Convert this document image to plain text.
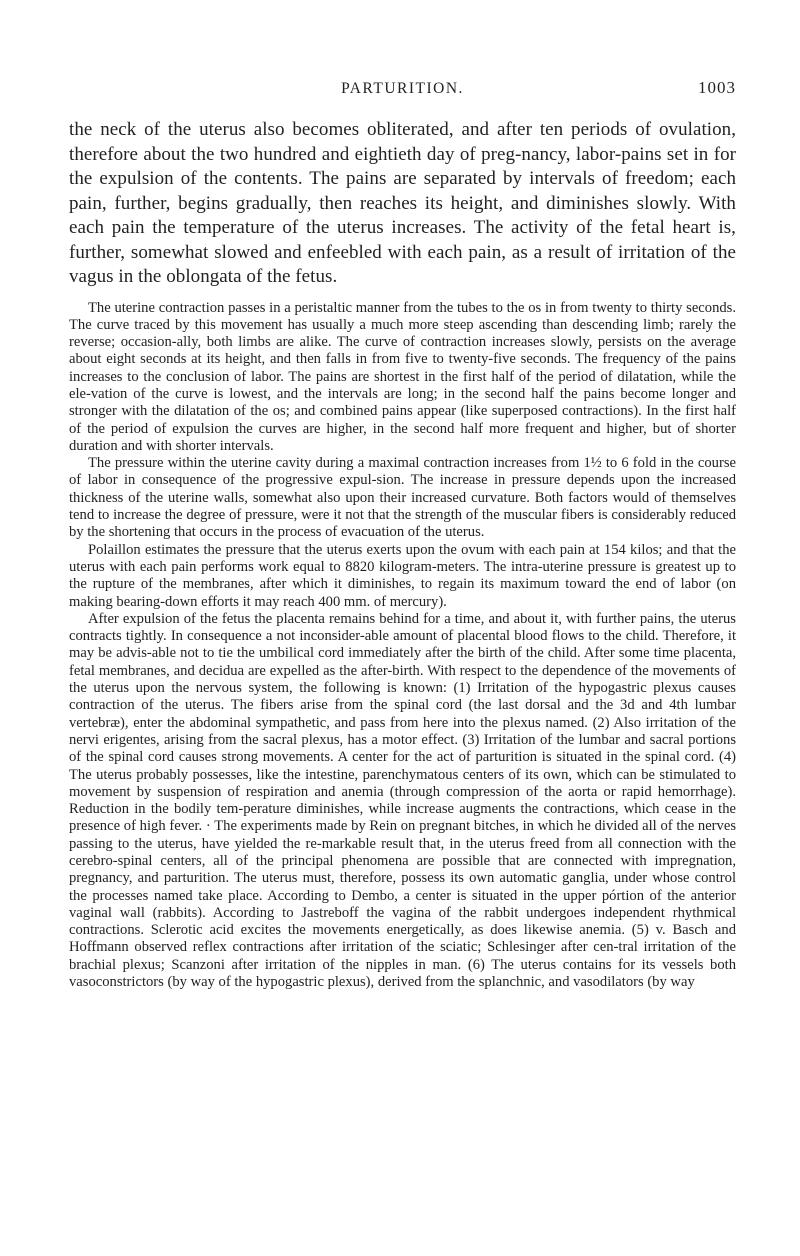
PARTURITION.	1003

the neck of the uterus also becomes obliterated, and after ten periods of ovulation, therefore about the two hundred and eightieth day of preg-nancy, labor-pains set in for the expulsion of the contents. The pains are separated by intervals of freedom; each pain, further, begins gradually, then reaches its height, and diminishes slowly. With each pain the temperature of the uterus increases. The activity of the fetal heart is, further, somewhat slowed and enfeebled with each pain, as a result of irritation of the vagus in the oblongata of the fetus.

The uterine contraction passes in a peristaltic manner from the tubes to the os in from twenty to thirty seconds. The curve traced by this movement has usually a much more steep ascending than descending limb; rarely the reverse; occasion-ally, both limbs are alike. The curve of contraction increases slowly, persists on the average about eight seconds at its height, and then falls in from five to twenty-five seconds. The frequency of the pains increases to the conclusion of labor. The pains are shortest in the first half of the period of dilatation, while the ele-vation of the curve is lowest, and the intervals are long; in the second half the pains become longer and stronger with the dilatation of the os; and combined pains appear (like superposed contractions). In the first half of the period of expulsion the curves are higher, in the second half more frequent and higher, but of shorter duration and with shorter intervals.

The pressure within the uterine cavity during a maximal contraction increases from 1½ to 6 fold in the course of labor in consequence of the progressive expul-sion. The increase in pressure depends upon the increased thickness of the uterine walls, somewhat also upon their increased curvature. Both factors would of themselves tend to increase the degree of pressure, were it not that the strength of the muscular fibers is considerably reduced by the shortening that occurs in the process of evacuation of the uterus.

Polaillon estimates the pressure that the uterus exerts upon the ovum with each pain at 154 kilos; and that the uterus with each pain performs work equal to 8820 kilogram-meters. The intra-uterine pressure is greatest up to the rupture of the membranes, after which it diminishes, to regain its maximum toward the end of labor (on making bearing-down efforts it may reach 400 mm. of mercury).

After expulsion of the fetus the placenta remains behind for a time, and about it, with further pains, the uterus contracts tightly. In consequence a not inconsider-able amount of placental blood flows to the child. Therefore, it may be advis-able not to tie the umbilical cord immediately after the birth of the child. After some time placenta, fetal membranes, and decidua are expelled as the after-birth. With respect to the dependence of the movements of the uterus upon the nervous system, the following is known: (1) Irritation of the hypogastric plexus causes contraction of the uterus. The fibers arise from the spinal cord (the last dorsal and the 3d and 4th lumbar vertebræ), enter the abdominal sympathetic, and pass from here into the plexus named. (2) Also irritation of the nervi erigentes, arising from the sacral plexus, has a motor effect. (3) Irritation of the lumbar and sacral portions of the spinal cord causes strong movements. A center for the act of parturition is situated in the spinal cord. (4) The uterus probably possesses, like the intestine, parenchymatous centers of its own, which can be stimulated to movement by suspension of respiration and anemia (through compression of the aorta or rapid hemorrhage). Reduction in the bodily tem-perature diminishes, while increase augments the contractions, which cease in the presence of high fever. · The experiments made by Rein on pregnant bitches, in which he divided all of the nerves passing to the uterus, have yielded the re-markable result that, in the uterus freed from all connection with the cerebro-spinal centers, all of the principal phenomena are possible that are connected with impregnation, pregnancy, and parturition. The uterus must, therefore, possess its own automatic ganglia, under whose control the processes named take place. According to Dembo, a center is situated in the upper pórtion of the anterior vaginal wall (rabbits). According to Jastreboff the vagina of the rabbit undergoes independent rhythmical contractions. Sclerotic acid excites the movements energetically, as does likewise anemia. (5) v. Basch and Hoffmann observed reflex contractions after irritation of the sciatic; Schlesinger after cen-tral irritation of the brachial plexus; Scanzoni after irritation of the nipples in man. (6) The uterus contains for its vessels both vasoconstrictors (by way of the hypogastric plexus), derived from the splanchnic, and vasodilators (by way
